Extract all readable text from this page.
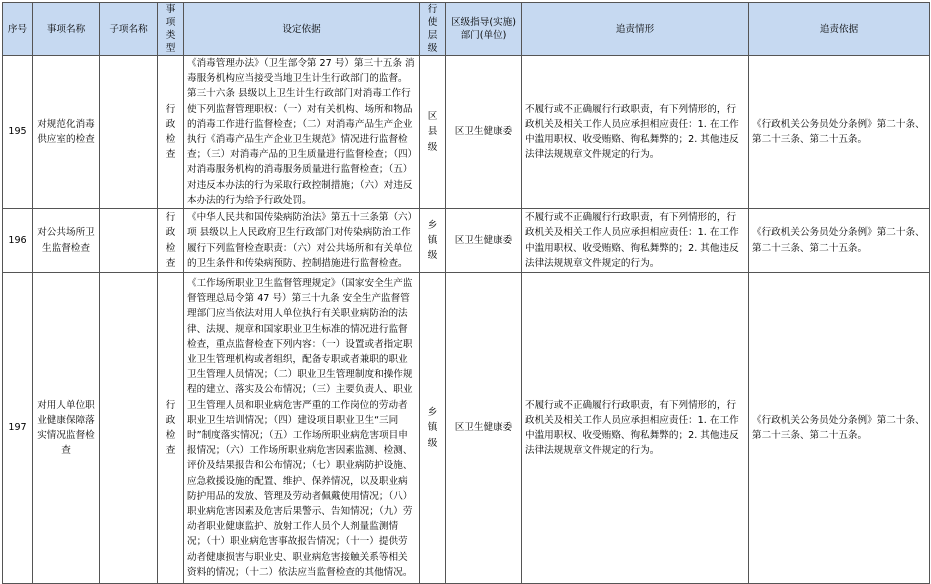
序号	事项名称	子项名称	事项类型	设定依据	行使层级	区级指导(实施)部门(单位)	追责情形	追责依据
195	对规范化消毒供应室的检查		行政检查	《消毒管理办法》（卫生部令第 27 号）第三十五条 消毒服务机构应当接受当地卫生计生行政部门的监督。第三十六条 县级以上卫生计生行政部门对消毒工作行使下列监督管理职权：（一）对有关机构、场所和物品的消毒工作进行监督检查；（二）对消毒产品生产企业执行《消毒产品生产企业卫生规范》情况进行监督检查；（三）对消毒产品的卫生质量进行监督检查；（四）对消毒服务机构的消毒服务质量进行监督检查；（五）对违反本办法的行为采取行政控制措施；（六）对违反本办法的行为给予行政处罚。	区县级	区卫生健康委	不履行或不正确履行行政职责，有下列情形的，行政机关及相关工作人员应承担相应责任：1. 在工作中滥用职权、收受贿赂、徇私舞弊的；2. 其他违反法律法规规章文件规定的行为。	《行政机关公务员处分条例》第二十条、第二十三条、第二十五条。
196	对公共场所卫生监督检查		行政检查	《中华人民共和国传染病防治法》第五十三条第（六）项 县级以上人民政府卫生行政部门对传染病防治工作履行下列监督检查职责：（六）对公共场所和有关单位的卫生条件和传染病预防、控制措施进行监督检查。	乡镇级	区卫生健康委	不履行或不正确履行行政职责，有下列情形的，行政机关及相关工作人员应承担相应责任：1. 在工作中滥用职权、收受贿赂、徇私舞弊的；2. 其他违反法律法规规章文件规定的行为。	《行政机关公务员处分条例》第二十条、第二十三条、第二十五条。
197	对用人单位职业健康保障落实情况监督检查		行政检查	《工作场所职业卫生监督管理规定》（国家安全生产监督管理总局令第 47 号）第三十九条 安全生产监督管理部门应当依法对用人单位执行有关职业病防治的法律、法规、规章和国家职业卫生标准的情况进行监督检查，重点监督检查下列内容：（一）设置或者指定职业卫生管理机构或者组织，配备专职或者兼职的职业卫生管理人员情况；（二）职业卫生管理制度和操作规程的建立、落实及公布情况；（三）主要负责人、职业卫生管理人员和职业病危害严重的工作岗位的劳动者职业卫生培训情况；（四）建设项目职业卫生“三同时”制度落实情况；（五）工作场所职业病危害项目申报情况；（六）工作场所职业病危害因素监测、检测、评价及结果报告和公布情况；（七）职业病防护设施、应急救援设施的配置、维护、保养情况，以及职业病防护用品的发放、管理及劳动者佩戴使用情况；（八）职业病危害因素及危害后果警示、告知情况；（九）劳动者职业健康监护、放射工作人员个人剂量监测情况；（十）职业病危害事故报告情况；（十一）提供劳动者健康损害与职业史、职业病危害接触关系等相关资料的情况；（十二）依法应当监督检查的其他情况。	乡镇级	区卫生健康委	不履行或不正确履行行政职责，有下列情形的，行政机关及相关工作人员应承担相应责任：1. 在工作中滥用职权、收受贿赂、徇私舞弊的；2. 其他违反法律法规规章文件规定的行为。	《行政机关公务员处分条例》第二十条、第二十三条、第二十五条。
